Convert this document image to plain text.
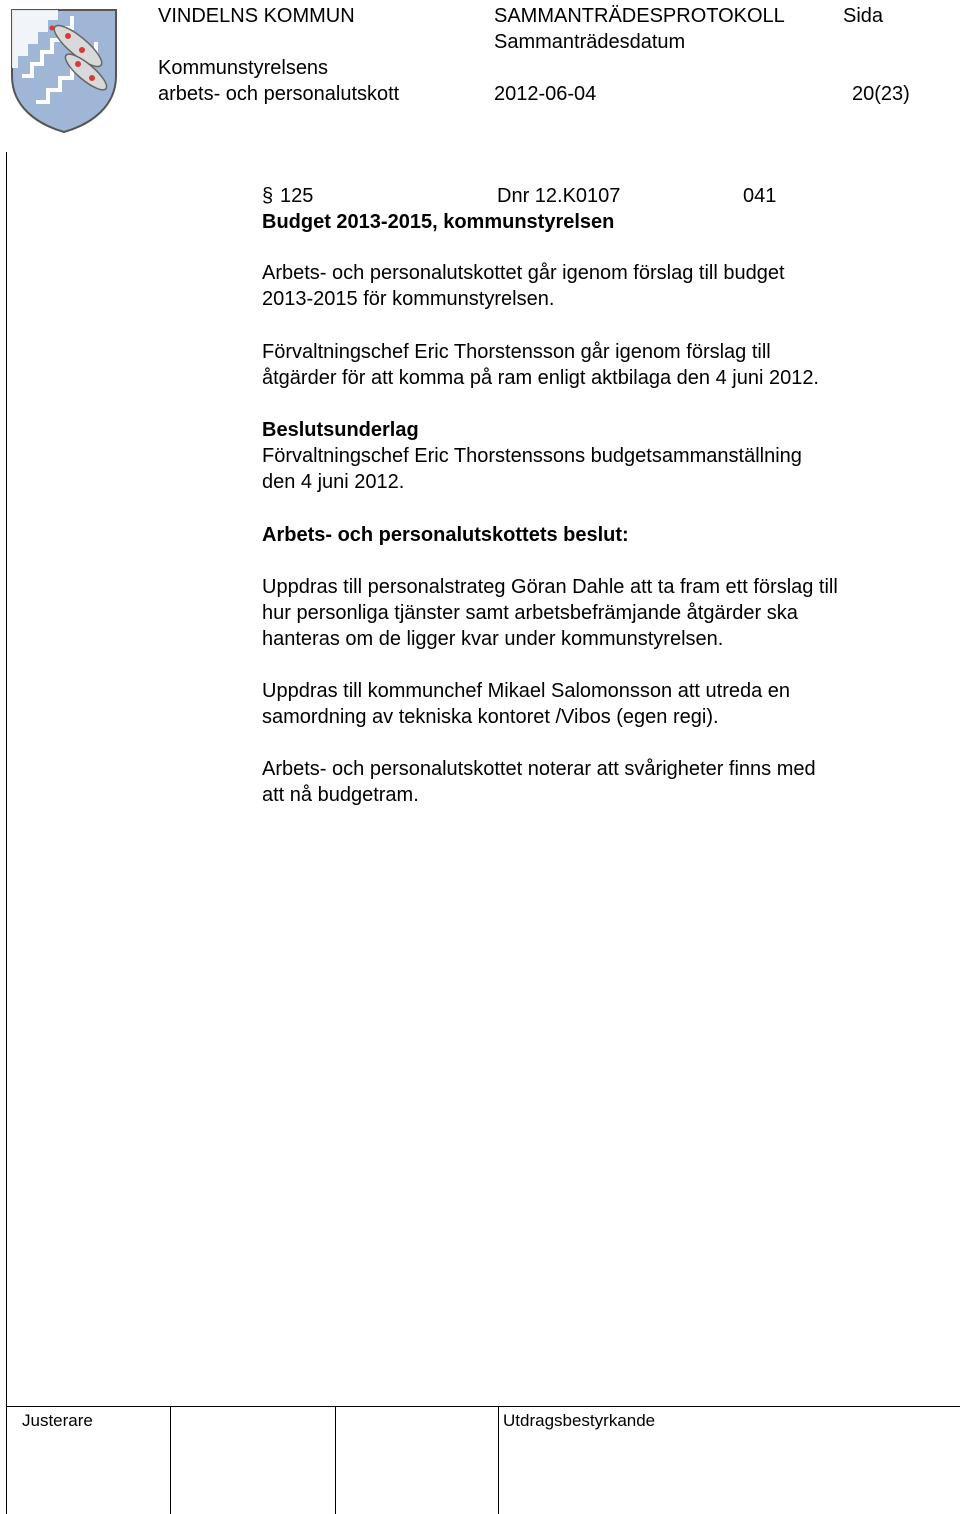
VINDELNS KOMMUN	SAMMANTRÄDESPROTOKOLL	Sida
Sammanträdesdatum
Kommunstyrelsens
arbets- och personalutskott	2012-06-04	20(23)
§ 125	Dnr 12.K0107	041
Budget 2013-2015, kommunstyrelsen
Arbets- och personalutskottet går igenom förslag till budget
2013-2015 för kommunstyrelsen.
Förvaltningschef Eric Thorstensson går igenom förslag till
åtgärder för att komma på ram enligt aktbilaga den 4 juni 2012.
Beslutsunderlag
Förvaltningschef Eric Thorstenssons budgetsammanställning
den 4 juni 2012.
Arbets- och personalutskottets beslut:
Uppdras till personalstrateg Göran Dahle att ta fram ett förslag till
hur personliga tjänster samt arbetsbefrämjande åtgärder ska
hanteras om de ligger kvar under kommunstyrelsen.
Uppdras till kommunchef Mikael Salomonsson att utreda en
samordning av tekniska kontoret /Vibos (egen regi).
Arbets- och personalutskottet noterar att svårigheter finns med
att nå budgetram.
Justerare	Utdragsbestyrkande
